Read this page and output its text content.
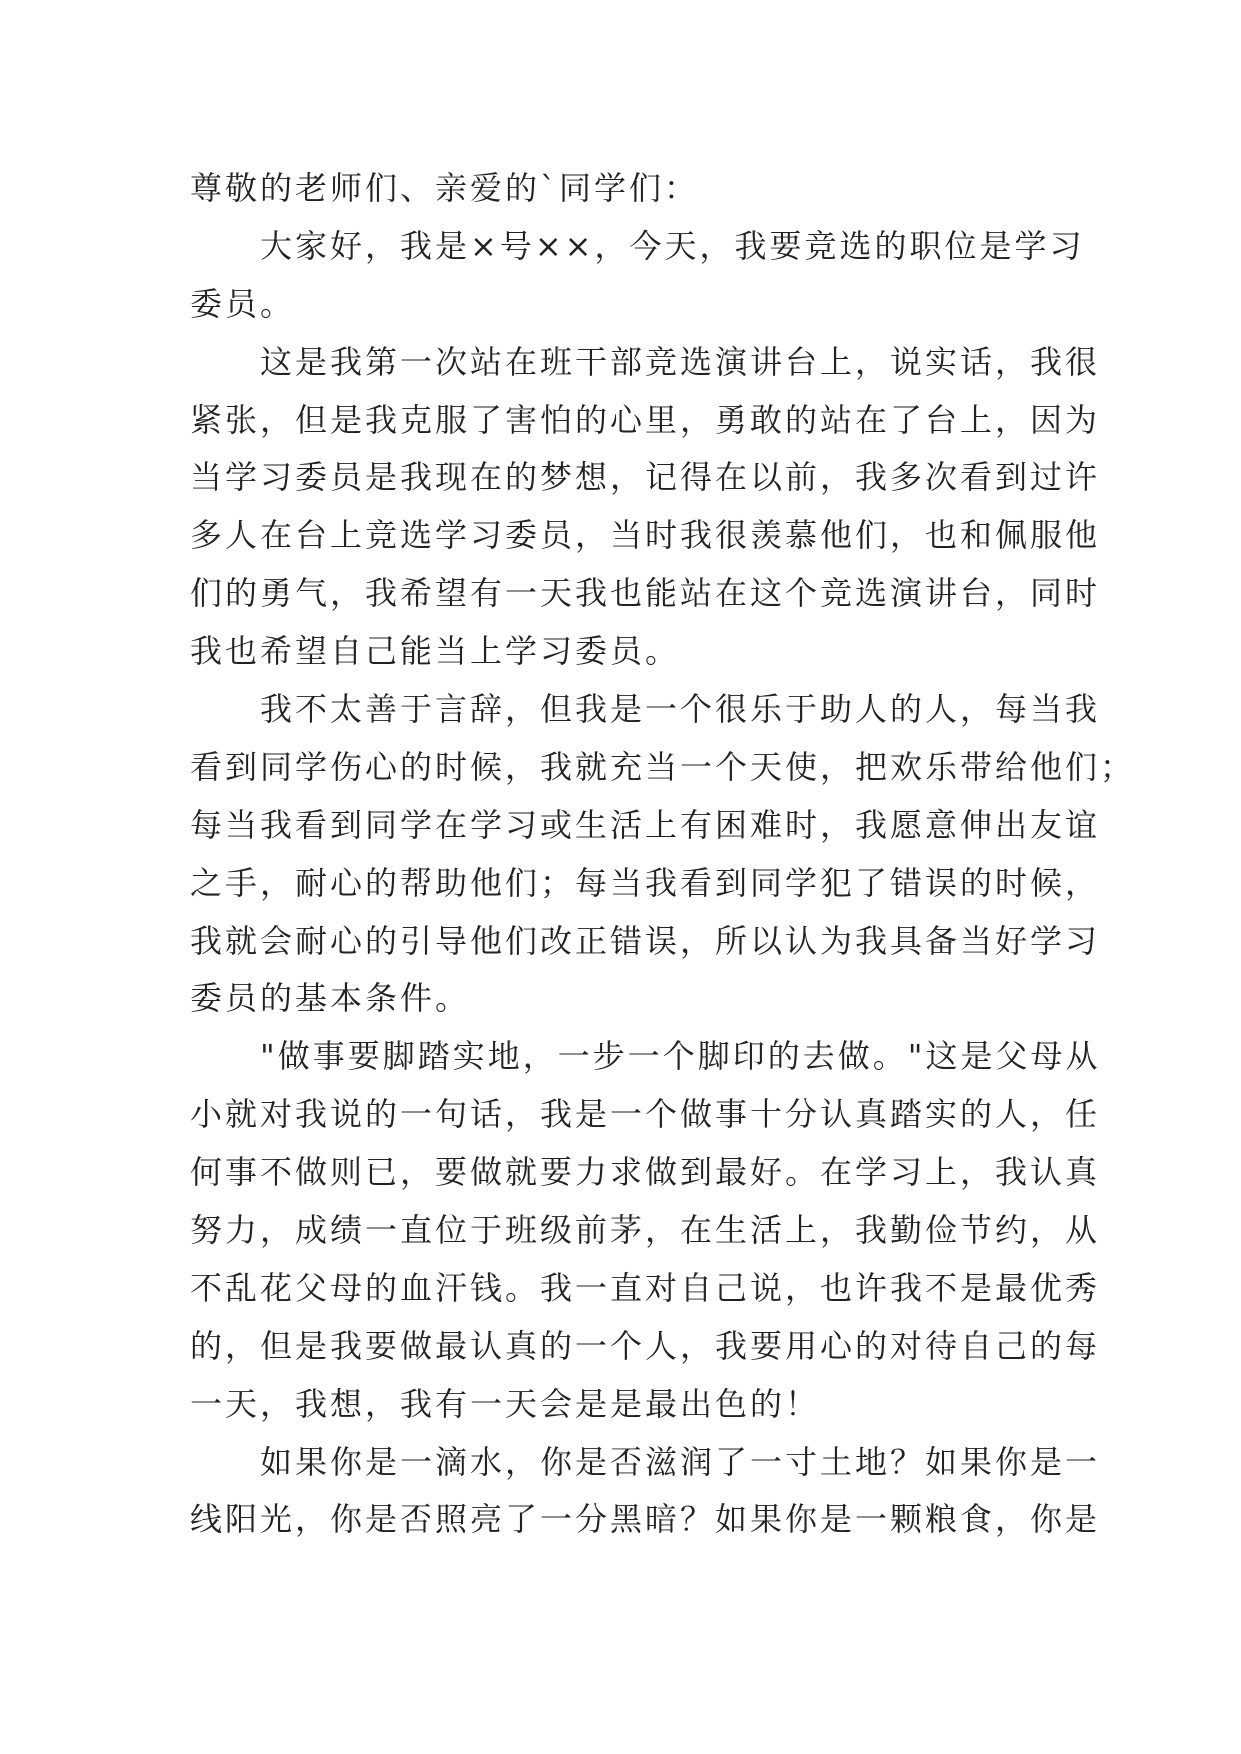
尊敬的老师们、亲爱的`同学们：
　　大家好，我是×号××，今天，我要竞选的职位是学习
委员。
　　这是我第一次站在班干部竞选演讲台上，说实话，我很
紧张，但是我克服了害怕的心里，勇敢的站在了台上，因为
当学习委员是我现在的梦想，记得在以前，我多次看到过许
多人在台上竞选学习委员，当时我很羡慕他们，也和佩服他
们的勇气，我希望有一天我也能站在这个竞选演讲台，同时
我也希望自己能当上学习委员。
　　我不太善于言辞，但我是一个很乐于助人的人，每当我
看到同学伤心的时候，我就充当一个天使，把欢乐带给他们；
每当我看到同学在学习或生活上有困难时，我愿意伸出友谊
之手，耐心的帮助他们；每当我看到同学犯了错误的时候，
我就会耐心的引导他们改正错误，所以认为我具备当好学习
委员的基本条件。
　　"做事要脚踏实地，一步一个脚印的去做。"这是父母从
小就对我说的一句话，我是一个做事十分认真踏实的人，任
何事不做则已，要做就要力求做到最好。在学习上，我认真
努力，成绩一直位于班级前茅，在生活上，我勤俭节约，从
不乱花父母的血汗钱。我一直对自己说，也许我不是最优秀
的，但是我要做最认真的一个人，我要用心的对待自己的每
一天，我想，我有一天会是是最出色的！
　　如果你是一滴水，你是否滋润了一寸土地？如果你是一
线阳光，你是否照亮了一分黑暗？如果你是一颗粮食，你是
